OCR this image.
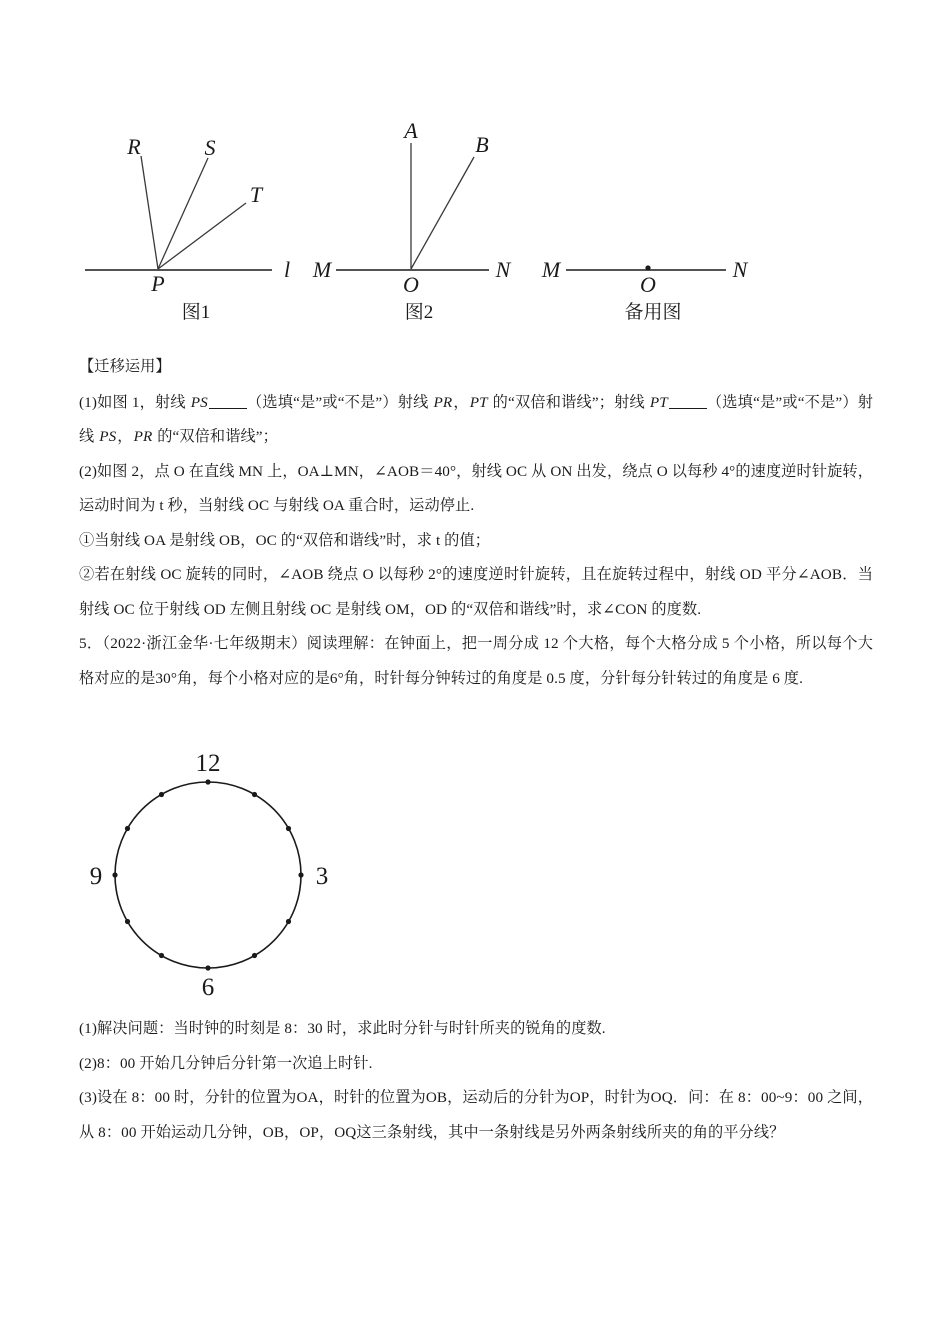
R	S
T
P
l
图1
A
B
M	N
O
图2
M	N
O
备用图

【迁移运用】

(1)如图 1，射线 PS	（选填“是”或“不是”）射线 PR，PT 的“双倍和谐线”；射线 PT	（选填“是”或“不是”）射线 PS，PR 的“双倍和谐线”；

(2)如图 2，点 O 在直线 MN 上，OA⊥MN，∠AOB＝40°，射线 OC 从 ON 出发，绕点 O 以每秒 4°的速度逆时针旋转，运动时间为 t 秒，当射线 OC 与射线 OA 重合时，运动停止.

①当射线 OA 是射线 OB，OC 的“双倍和谐线”时，求 t 的值；

②若在射线 OC 旋转的同时，∠AOB 绕点 O 以每秒 2°的速度逆时针旋转，且在旋转过程中，射线 OD 平分∠AOB．当射线 OC 位于射线 OD 左侧且射线 OC 是射线 OM，OD 的“双倍和谐线”时，求∠CON 的度数.

5．（2022·浙江金华·七年级期末）阅读理解：在钟面上，把一周分成 12 个大格，每个大格分成 5 个小格，所以每个大格对应的是30°角，每个小格对应的是6°角，时针每分钟转过的角度是 0.5 度，分针每分针转过的角度是 6 度.

12
3
6
9

(1)解决问题：当时钟的时刻是 8：30 时，求此时分针与时针所夹的锐角的度数.

(2)8：00 开始几分钟后分针第一次追上时针.

(3)设在 8：00 时，分针的位置为OA，时针的位置为OB，运动后的分针为OP，时针为OQ．问：在 8：00~9：00 之间，从 8：00 开始运动几分钟，OB，OP，OQ这三条射线，其中一条射线是另外两条射线所夹的角的平分线？
